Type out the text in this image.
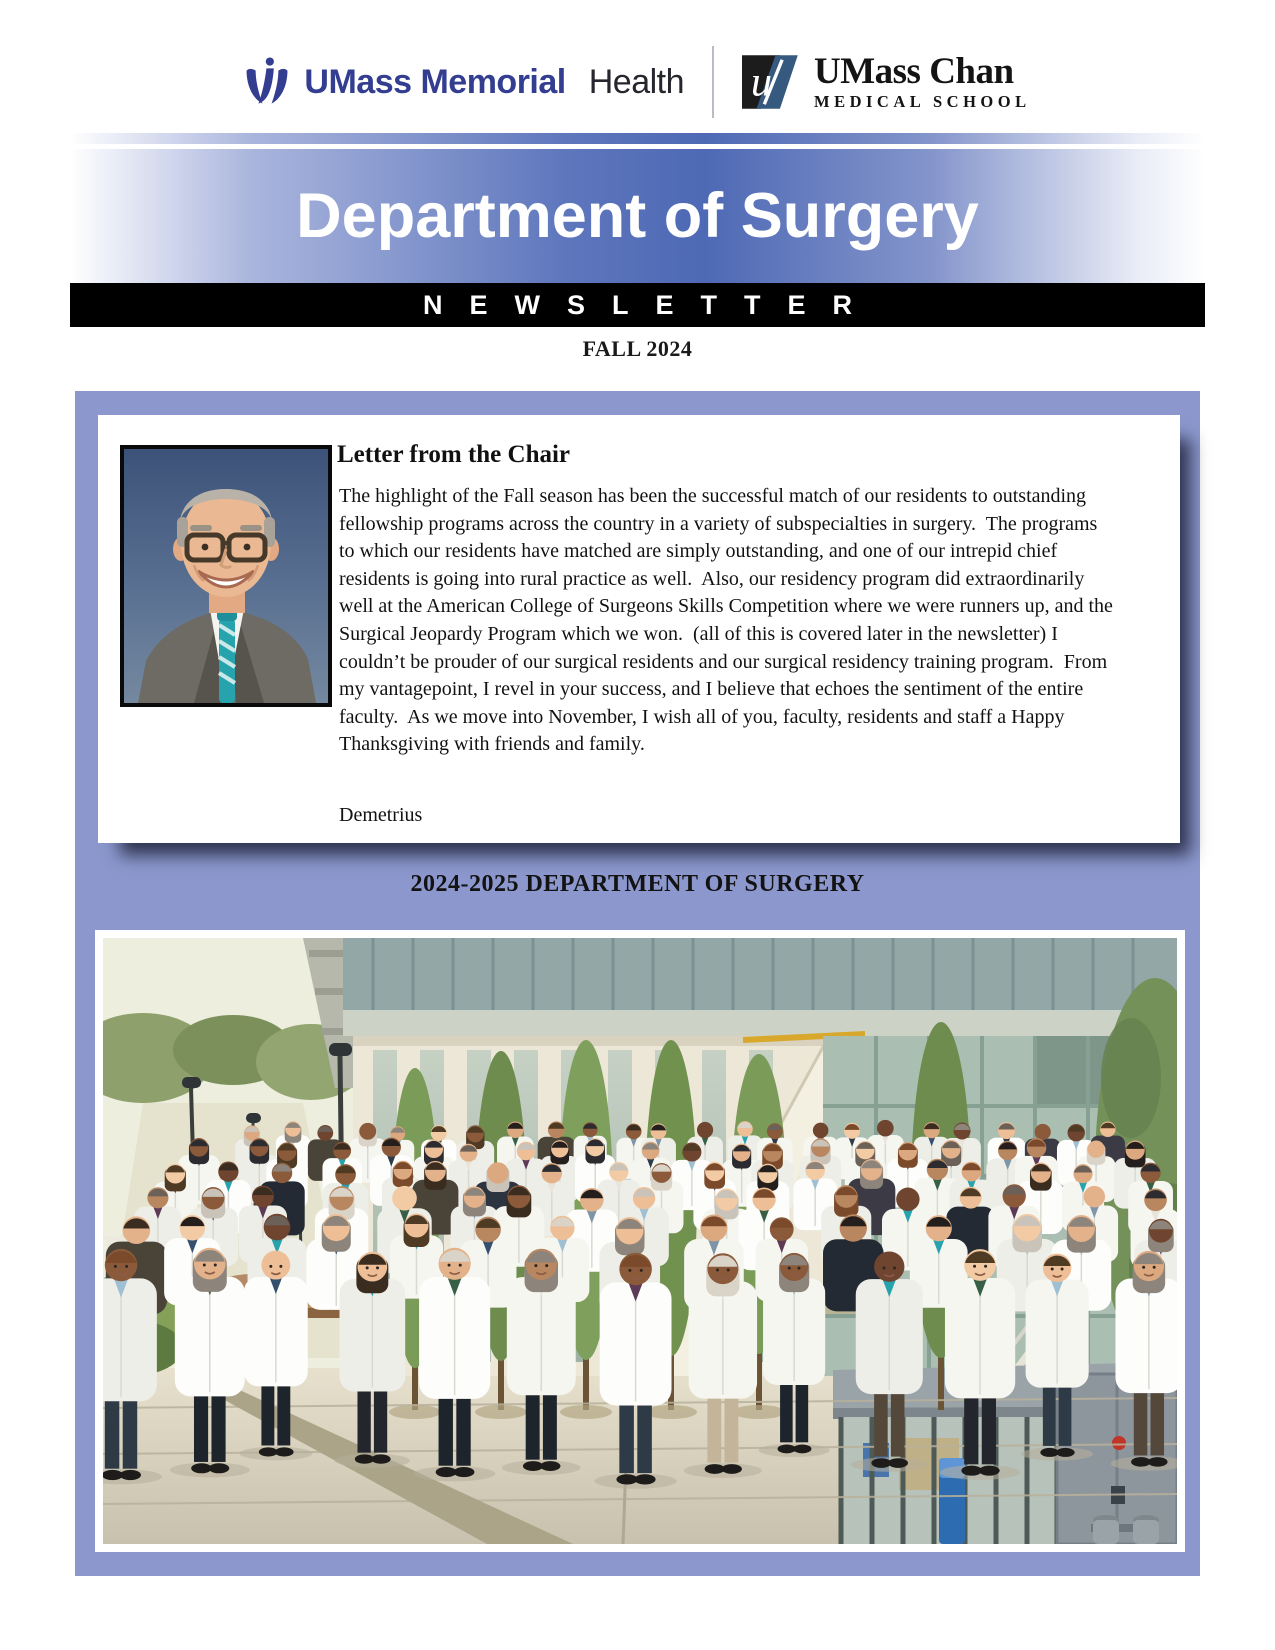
UMass Memorial Health u UMass Chan
MEDICAL SCHOOL
Department of Surgery
NEWSLETTER
FALL 2024
Letter from the Chair
The highlight of the Fall season has been the successful match of our residents to outstanding fellowship programs across the country in a variety of subspecialties in surgery.  The programs to which our residents have matched are simply outstanding, and one of our intrepid chief residents is going into rural practice as well.  Also, our residency program did extraordinarily well at the American College of Surgeons Skills Competition where we were runners up, and the Surgical Jeopardy Program which we won.  (all of this is covered later in the newsletter) I couldn’t be prouder of our surgical residents and our surgical residency training program.  From my vantagepoint, I revel in your success, and I believe that echoes the sentiment of the entire faculty.  As we move into November, I wish all of you, faculty, residents and staff a Happy Thanksgiving with friends and family.
Demetrius
2024-2025 DEPARTMENT OF SURGERY
